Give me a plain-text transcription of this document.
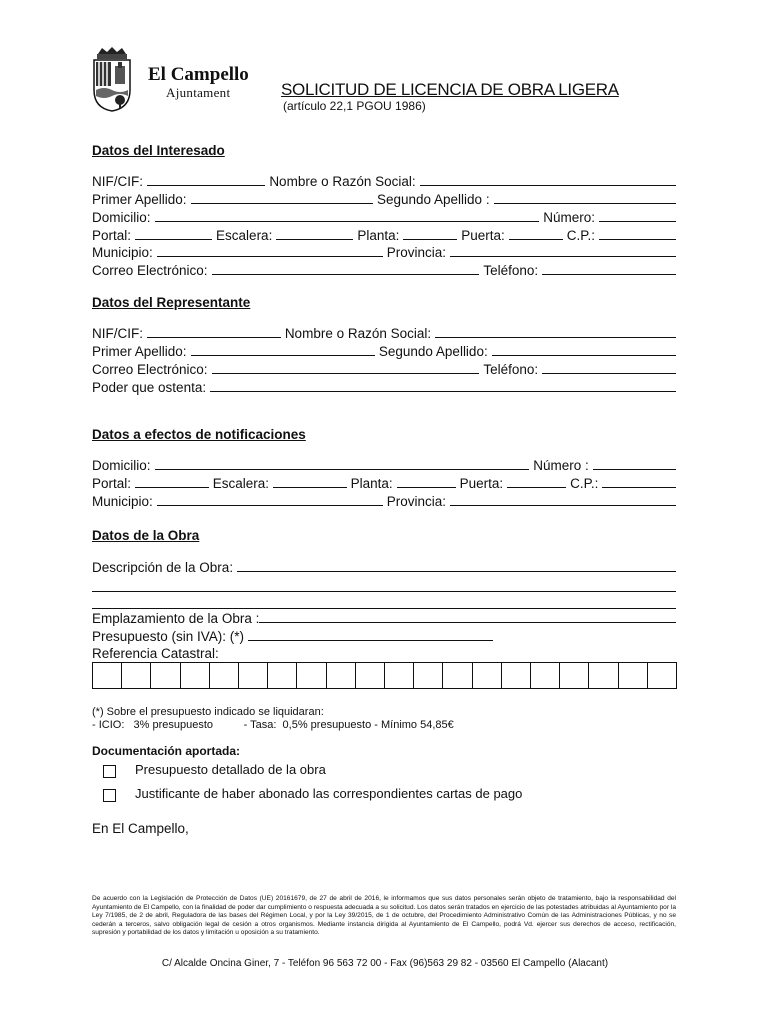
El Campello
Ajuntament	SOLICITUD DE LICENCIA DE OBRA LIGERA
(artículo 22,1 PGOU 1986)
Datos del Interesado
NIF/CIF:	Nombre o Razón Social:
Primer Apellido:	Segundo Apellido :
Domicilio:	Número:
Portal:	Escalera:	Planta:	Puerta:	C.P.:
Municipio:	Provincia:
Correo Electrónico:	Teléfono:
Datos del Representante
NIF/CIF:	Nombre o Razón Social:
Primer Apellido:	Segundo Apellido:
Correo Electrónico:	Teléfono:
Poder que ostenta:
Datos a efectos de notificaciones
Domicilio:	Número :
Portal:	Escalera:	Planta:	Puerta:	C.P.:
Municipio:	Provincia:
Datos de la Obra
Descripción de la Obra:
Emplazamiento de la Obra :
Presupuesto (sin IVA): (*)
Referencia Catastral:
(*) Sobre el presupuesto indicado se liquidaran:
- ICIO:   3% presupuesto          - Tasa:  0,5% presupuesto - Mínimo 54,85€
Documentación aportada:
Presupuesto detallado de la obra
Justificante de haber abonado las correspondientes cartas de pago
En El Campello,
De acuerdo con la Legislación de Protección de Datos (UE) 20161679, de 27 de abril de 2016, le informamos que sus datos personales serán objeto de tratamiento, bajo la responsabilidad del Ayuntamiento de El Campello, con la finalidad de poder dar cumplimiento o respuesta adecuada a su solicitud. Los datos serán tratados en ejercicio de las potestades atribuidas al Ayuntamiento por la Ley 7/1985, de 2 de abril, Reguladora de las bases del Régimen Local, y por la Ley 39/2015, de 1 de octubre, del Procedimiento Administrativo Común de las Administraciones Públicas, y no se cederán a terceros, salvo obligación legal de cesión a otros organismos. Mediante instancia dirigida al Ayuntamiento de El Campello, podrá Vd. ejercer sus derechos de acceso, rectificación, supresión y portabilidad de los datos y limitación u oposición a su tratamiento.
C/ Alcalde Oncina Giner, 7 - Teléfon 96 563 72 00 - Fax (96)563 29 82 - 03560 El Campello (Alacant)
